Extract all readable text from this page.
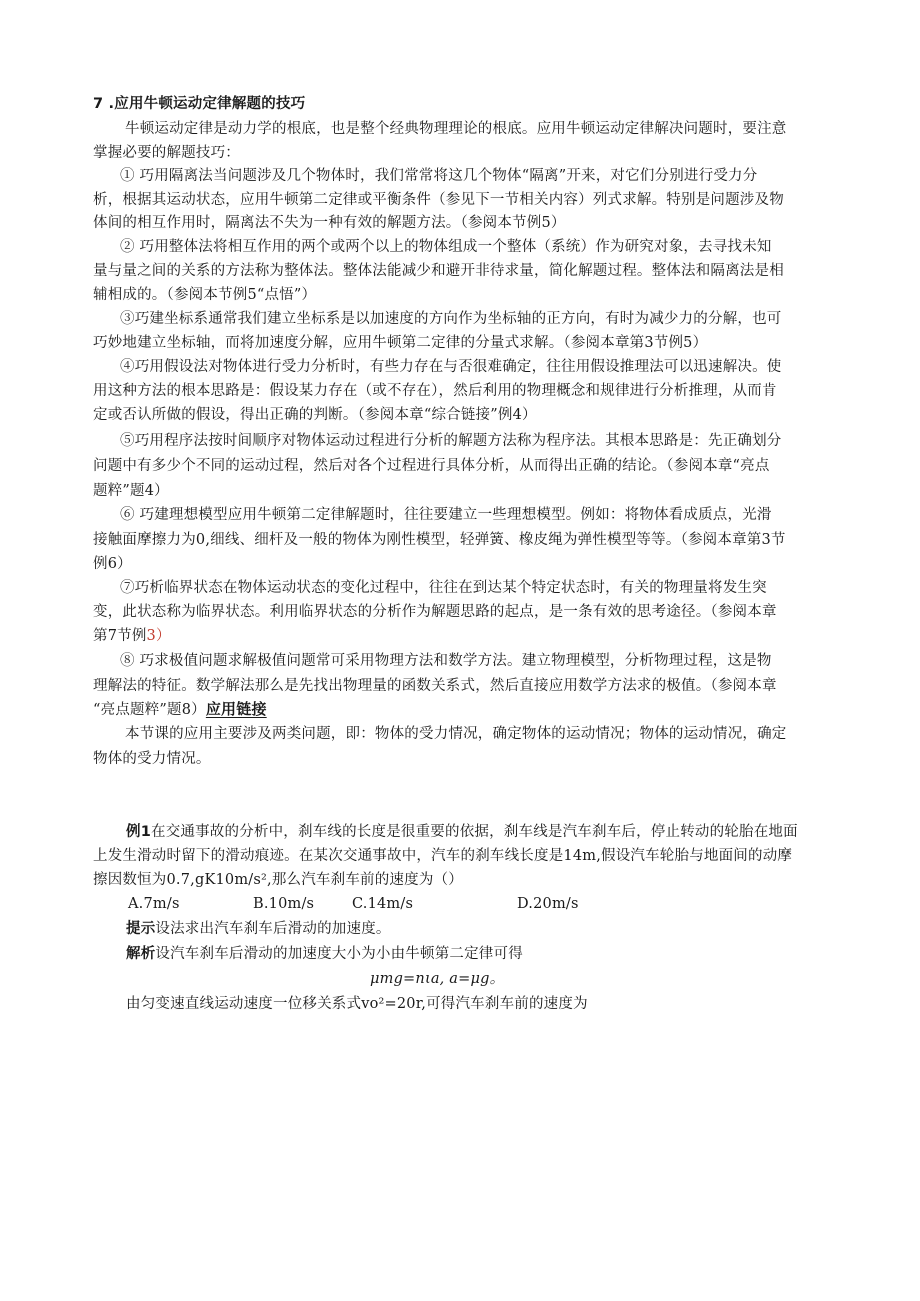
7 .应用牛顿运动定律解题的技巧
牛顿运动定律是动力学的根底，也是整个经典物理理论的根底。应用牛顿运动定律解决问题时，要注意
掌握必要的解题技巧：
① 巧用隔离法当问题涉及几个物体时，我们常常将这几个物体“隔离”开来，对它们分别进行受力分
析，根据其运动状态，应用牛顿第二定律或平衡条件（参见下一节相关内容）列式求解。特别是问题涉及物
体间的相互作用时，隔离法不失为一种有效的解题方法。（参阅本节例5）
② 巧用整体法将相互作用的两个或两个以上的物体组成一个整体（系统）作为研究对象，去寻找未知
量与量之间的关系的方法称为整体法。整体法能减少和避开非待求量，简化解题过程。整体法和隔离法是相
辅相成的。（参阅本节例5“点悟”）
③巧建坐标系通常我们建立坐标系是以加速度的方向作为坐标轴的正方向，有时为减少力的分解，也可
巧妙地建立坐标轴，而将加速度分解，应用牛顿第二定律的分量式求解。（参阅本章第3节例5）
④巧用假设法对物体进行受力分析时，有些力存在与否很难确定，往往用假设推理法可以迅速解决。使
用这种方法的根本思路是：假设某力存在（或不存在），然后利用的物理概念和规律进行分析推理，从而肯
定或否认所做的假设，得出正确的判断。（参阅本章“综合链接”例4）
⑤巧用程序法按时间顺序对物体运动过程进行分析的解题方法称为程序法。其根本思路是：先正确划分
问题中有多少个不同的运动过程，然后对各个过程进行具体分析，从而得出正确的结论。（参阅本章“亮点
题粹”题4）
⑥ 巧建理想模型应用牛顿第二定律解题时，往往要建立一些理想模型。例如：将物体看成质点，光滑
接触面摩擦力为0,细线、细杆及一般的物体为刚性模型，轻弹簧、橡皮绳为弹性模型等等。（参阅本章第3节
例6）
⑦巧析临界状态在物体运动状态的变化过程中，往往在到达某个特定状态时，有关的物理量将发生突
变，此状态称为临界状态。利用临界状态的分析作为解题思路的起点，是一条有效的思考途径。（参阅本章
第7节例3）
⑧ 巧求极值问题求解极值问题常可采用物理方法和数学方法。建立物理模型，分析物理过程，这是物
理解法的特征。数学解法那么是先找出物理量的函数关系式，然后直接应用数学方法求的极值。（参阅本章
“亮点题粹”题8）应用链接
本节课的应用主要涉及两类问题，即：物体的受力情况，确定物体的运动情况；物体的运动情况，确定
物体的受力情况。
例1在交通事故的分析中，刹车线的长度是很重要的依据，刹车线是汽车刹车后，停止转动的轮胎在地面
上发生滑动时留下的滑动痕迹。在某次交通事故中，汽车的刹车线长度是14m,假设汽车轮胎与地面间的动摩
擦因数恒为0.7,gK10m/s²,那么汽车刹车前的速度为（）
A.7m/s	B.10m/s	C.14m/s	D.20m/s
提示设法求出汽车刹车后滑动的加速度。
解析设汽车刹车后滑动的加速度大小为小由牛顿第二定律可得
μmg=nιa, a=μg。
由匀变速直线运动速度一位移关系式vo²=20r,可得汽车刹车前的速度为
